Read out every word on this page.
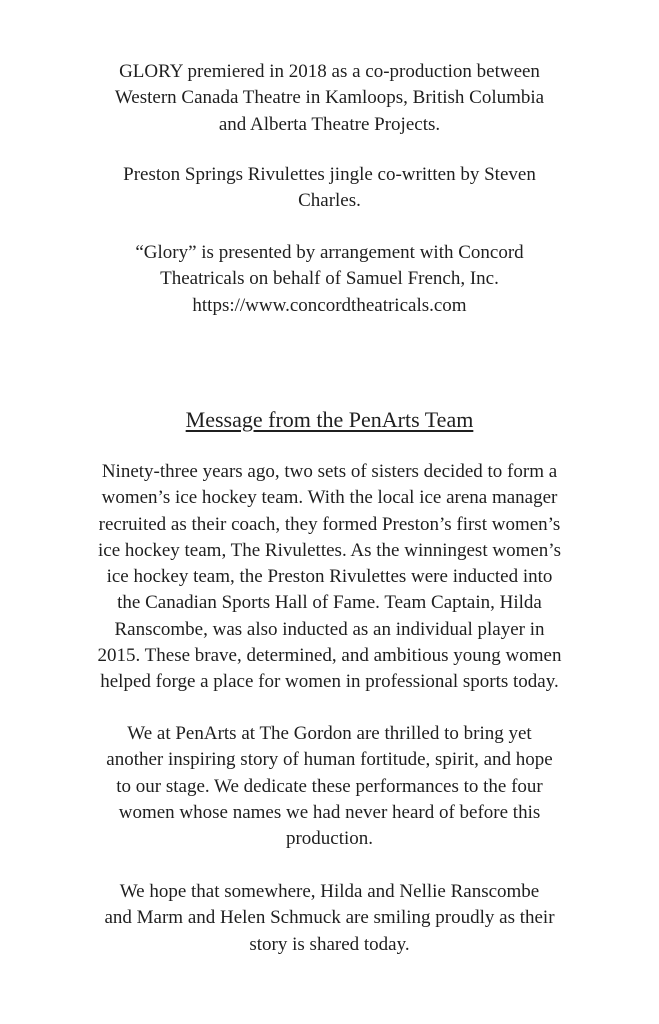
GLORY premiered in 2018 as a co-production between
Western Canada Theatre in Kamloops, British Columbia
and Alberta Theatre Projects.

Preston Springs Rivulettes jingle co-written by Steven
Charles.

“Glory” is presented by arrangement with Concord
Theatricals on behalf of Samuel French, Inc.
https://www.concordtheatricals.com

Message from the PenArts Team

Ninety-three years ago, two sets of sisters decided to form a
women’s ice hockey team. With the local ice arena manager
recruited as their coach, they formed Preston’s first women’s
ice hockey team, The Rivulettes. As the winningest women’s
ice hockey team, the Preston Rivulettes were inducted into
the Canadian Sports Hall of Fame. Team Captain, Hilda
Ranscombe, was also inducted as an individual player in
2015. These brave, determined, and ambitious young women
helped forge a place for women in professional sports today.

We at PenArts at The Gordon are thrilled to bring yet
another inspiring story of human fortitude, spirit, and hope
to our stage. We dedicate these performances to the four
women whose names we had never heard of before this
production.

We hope that somewhere, Hilda and Nellie Ranscombe
and Marm and Helen Schmuck are smiling proudly as their
story is shared today.
